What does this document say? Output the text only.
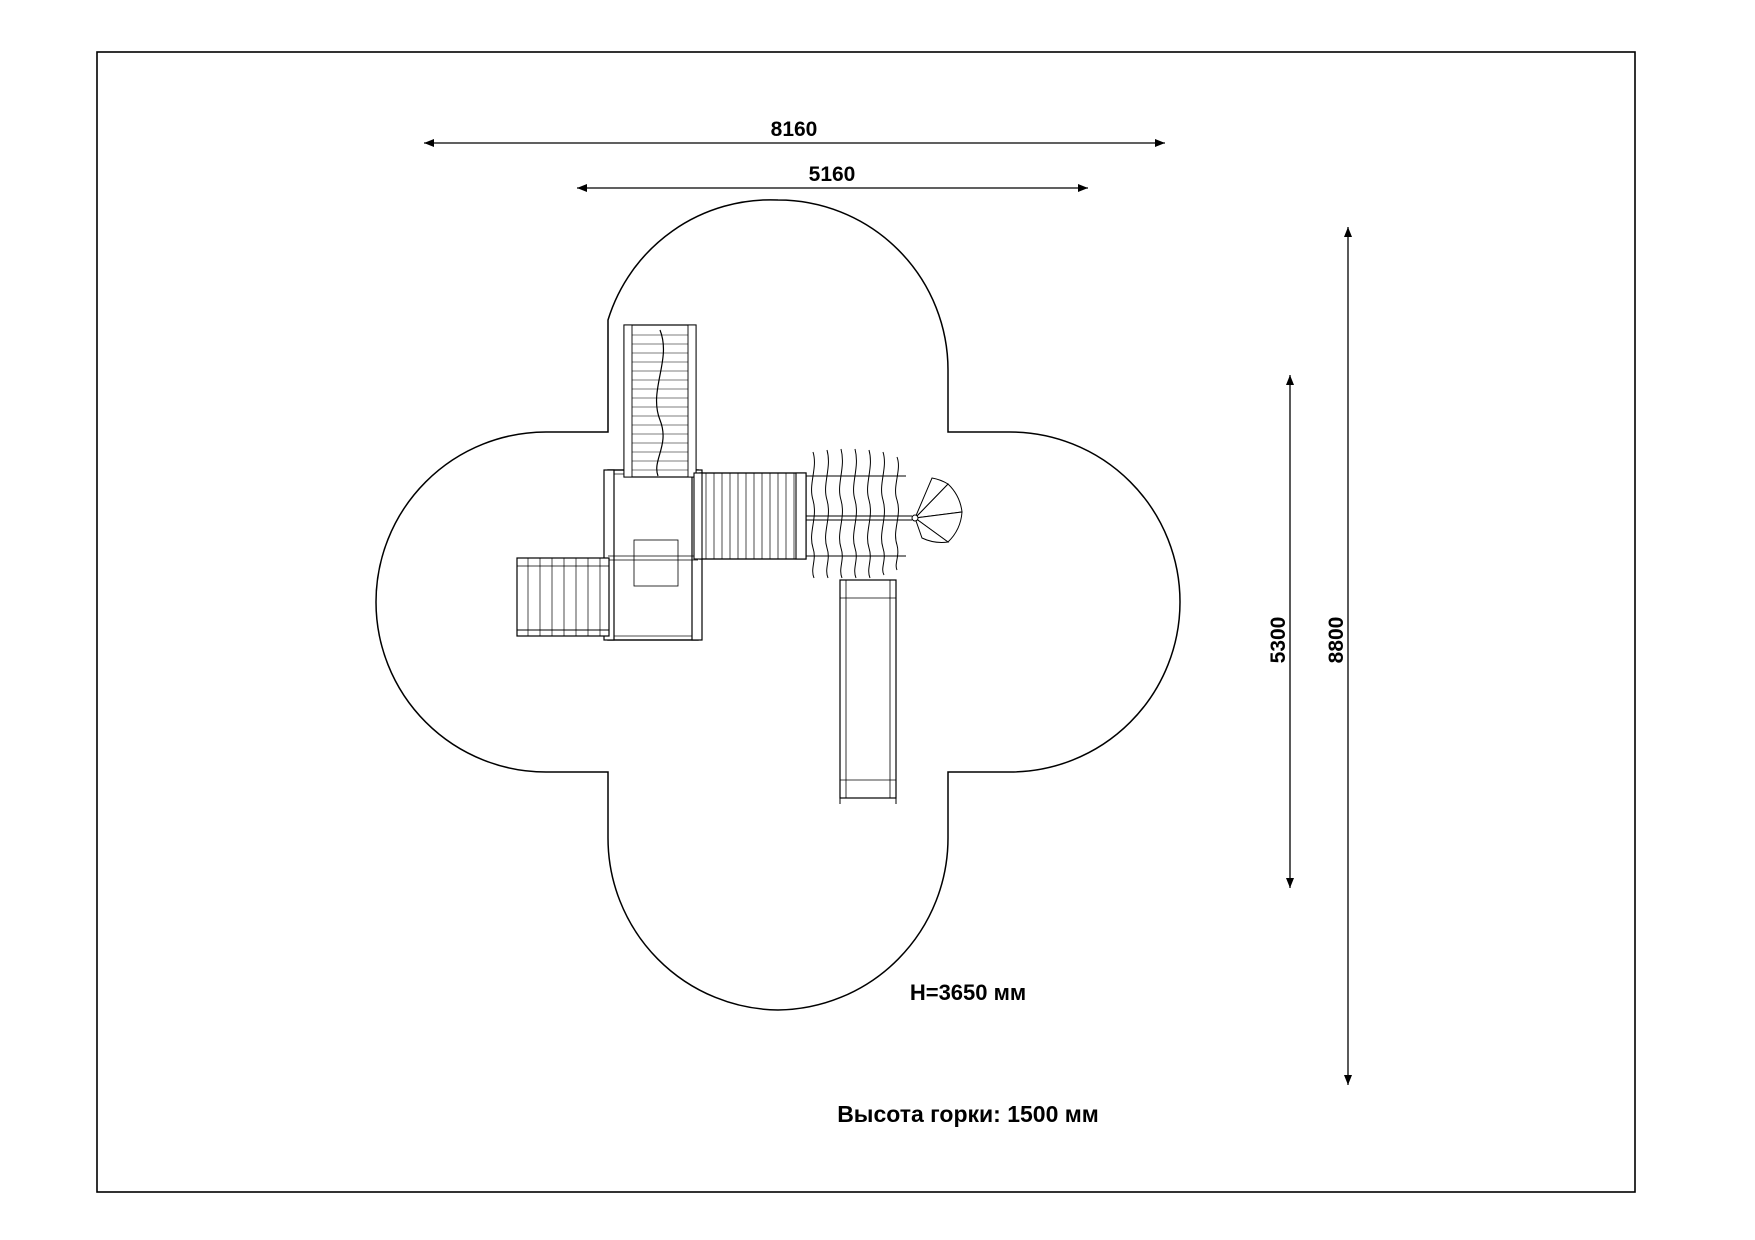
8160
5160
8800
5300
H=3650 мм
Высота горки: 1500 мм
